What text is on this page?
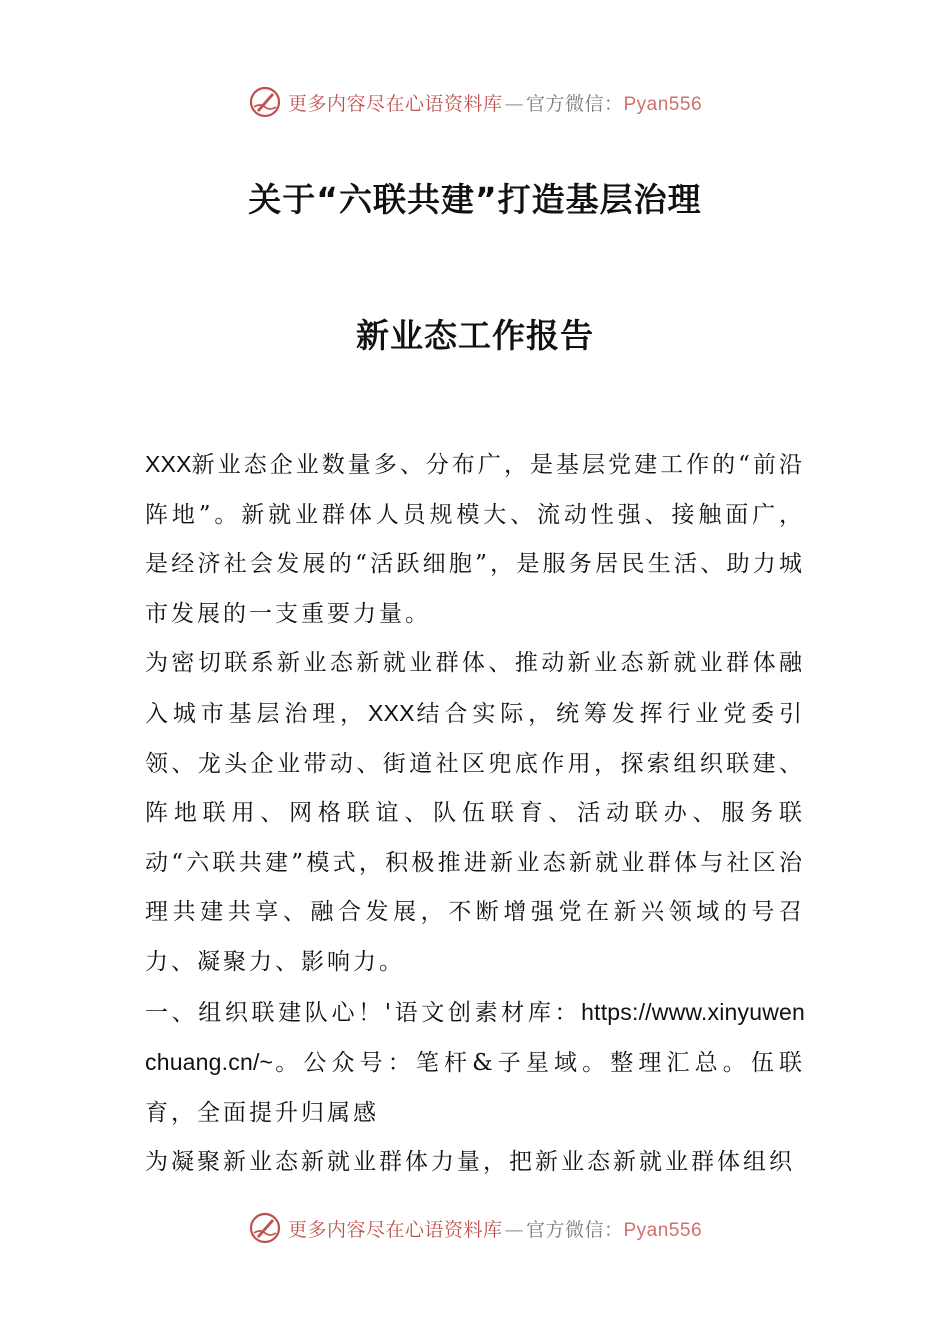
更多内容尽在心语资料库 — 官方微信：Pyan556
关于“六联共建”打造基层治理
新业态工作报告

XXX新业态企业数量多、分布广，是基层党建工作的“前沿阵地”。新就业群体人员规模大、流动性强、接触面广，是经济社会发展的“活跃细胞”，是服务居民生活、助力城市发展的一支重要力量。

为密切联系新业态新就业群体、推动新业态新就业群体融入城市基层治理，XXX结合实际，统筹发挥行业党委引领、龙头企业带动、街道社区兜底作用，探索组织联建、阵地联用、网格联谊、队伍联育、活动联办、服务联动“六联共建”模式，积极推进新业态新就业群体与社区治理共建共享、融合发展，不断增强党在新兴领域的号召力、凝聚力、影响力。

一、组织联建队心！'语文创素材库：https://www.xinyuwenchuang.cn/~。公众号：笔杆&子星域。整理汇总。伍联育，全面提升归属感

为凝聚新业态新就业群体力量，把新业态新就业群体组织

更多内容尽在心语资料库 — 官方微信：Pyan556
